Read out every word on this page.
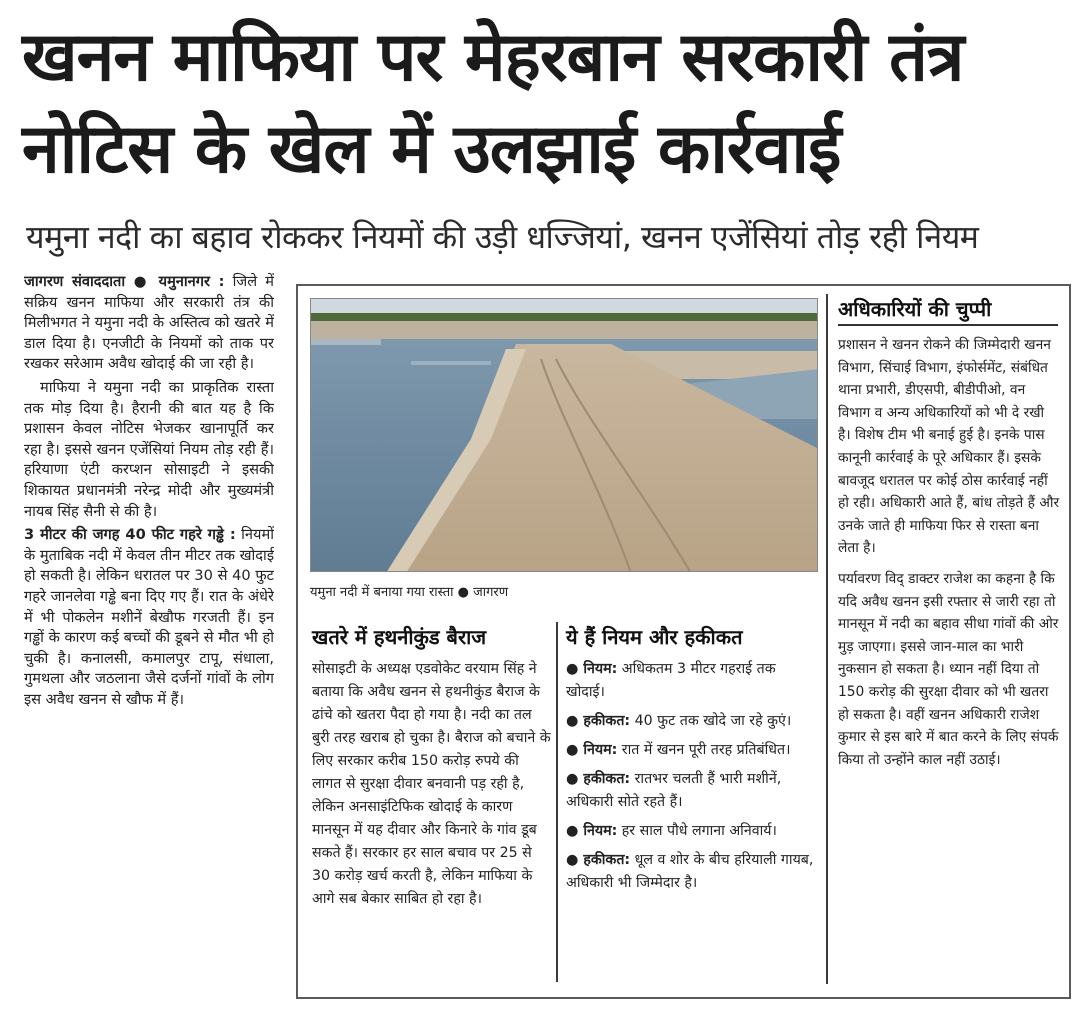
खनन माफिया पर मेहरबान सरकारी तंत्र
नोटिस के खेल में उलझाई कार्रवाई
यमुना नदी का बहाव रोककर नियमों की उड़ी धज्जियां, खनन एजेंसियां तोड़ रही नियम

जागरण संवाददाता ● यमुनानगर : जिले में सक्रिय खनन माफिया और सरकारी तंत्र की मिलीभगत ने यमुना नदी के अस्तित्व को खतरे में डाल दिया है। एनजीटी के नियमों को ताक पर रखकर सरेआम अवैध खोदाई की जा रही है।

माफिया ने यमुना नदी का प्राकृतिक रास्ता तक मोड़ दिया है। हैरानी की बात यह है कि प्रशासन केवल नोटिस भेजकर खानापूर्ति कर रहा है। इससे खनन एजेंसियां नियम तोड़ रही हैं। हरियाणा एंटी करप्शन सोसाइटी ने इसकी शिकायत प्रधानमंत्री नरेन्द्र मोदी और मुख्यमंत्री नायब सिंह सैनी से की है।

3 मीटर की जगह 40 फीट गहरे गड्ढे : नियमों के मुताबिक नदी में केवल तीन मीटर तक खोदाई हो सकती है। लेकिन धरातल पर 30 से 40 फुट गहरे जानलेवा गड्ढे बना दिए गए हैं। रात के अंधेरे में भी पोकलेन मशीनें बेखौफ गरजती हैं। इन गड्ढों के कारण कई बच्चों की डूबने से मौत भी हो चुकी है। कनालसी, कमालपुर टापू, संधाला, गुमथला और जठलाना जैसे दर्जनों गांवों के लोग इस अवैध खनन से खौफ में हैं।

यमुना नदी में बनाया गया रास्ता ● जागरण
खतरे में हथनीकुंड बैराज
सोसाइटी के अध्यक्ष एडवोकेट वरयाम सिंह ने बताया कि अवैध खनन से हथनीकुंड बैराज के ढांचे को खतरा पैदा हो गया है। नदी का तल बुरी तरह खराब हो चुका है। बैराज को बचाने के लिए सरकार करीब 150 करोड़ रुपये की लागत से सुरक्षा दीवार बनवानी पड़ रही है, लेकिन अनसाइंटिफिक खोदाई के कारण मानसून में यह दीवार और किनारे के गांव डूब सकते हैं। सरकार हर साल बचाव पर 25 से 30 करोड़ खर्च करती है, लेकिन माफिया के आगे सब बेकार साबित हो रहा है।
ये हैं नियम और हकीकत
● नियम: अधिकतम 3 मीटर गहराई तक खोदाई।
● हकीकत: 40 फुट तक खोदे जा रहे कुएं।
● नियम: रात में खनन पूरी तरह प्रतिबंधित।
● हकीकत: रातभर चलती हैं भारी मशीनें, अधिकारी सोते रहते हैं।
● नियम: हर साल पौधे लगाना अनिवार्य।
● हकीकत: धूल व शोर के बीच हरियाली गायब, अधिकारी भी जिम्मेदार है।
अधिकारियों की चुप्पी

प्रशासन ने खनन रोकने की जिम्मेदारी खनन विभाग, सिंचाई विभाग, इंफोर्समेंट, संबंधित थाना प्रभारी, डीएसपी, बीडीपीओ, वन विभाग व अन्य अधिकारियों को भी दे रखी है। विशेष टीम भी बनाई हुई है। इनके पास कानूनी कार्रवाई के पूरे अधिकार हैं। इसके बावजूद धरातल पर कोई ठोस कार्रवाई नहीं हो रही। अधिकारी आते हैं, बांध तोड़ते हैं और उनके जाते ही माफिया फिर से रास्ता बना लेता है।

पर्यावरण विद् डाक्टर राजेश का कहना है कि यदि अवैध खनन इसी रफ्तार से जारी रहा तो मानसून में नदी का बहाव सीधा गांवों की ओर मुड़ जाएगा। इससे जान-माल का भारी नुकसान हो सकता है। ध्यान नहीं दिया तो 150 करोड़ की सुरक्षा दीवार को भी खतरा हो सकता है। वहीं खनन अधिकारी राजेश कुमार से इस बारे में बात करने के लिए संपर्क किया तो उन्होंने काल नहीं उठाई।
